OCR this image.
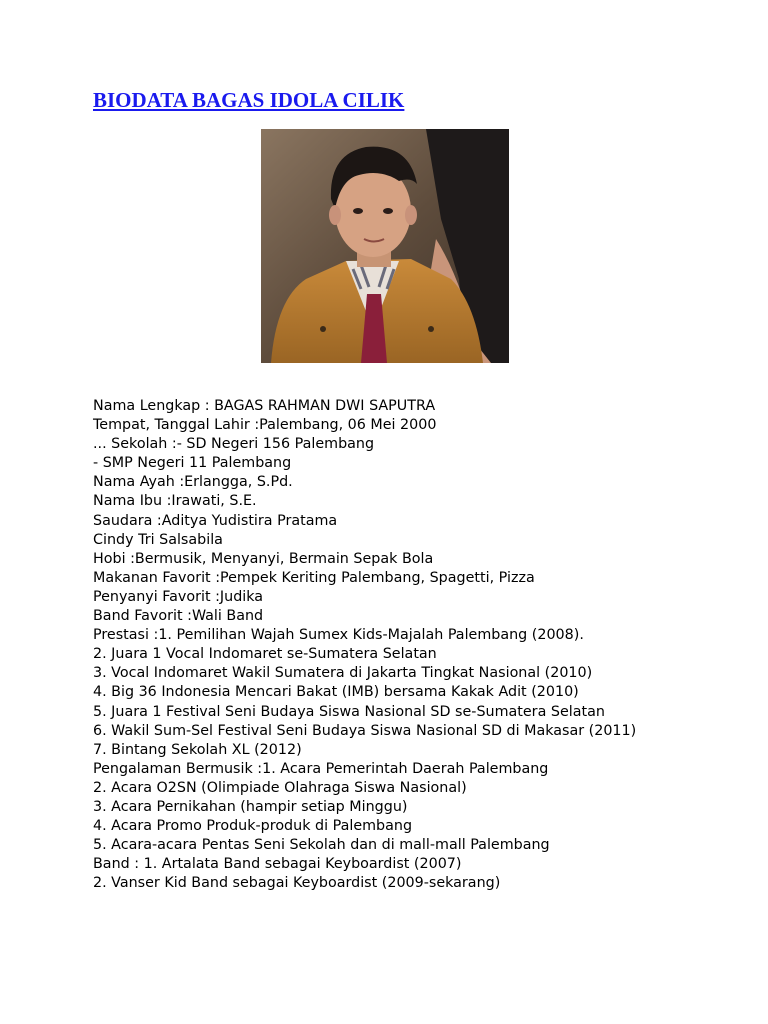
BIODATA BAGAS IDOLA CILIK
Nama Lengkap : BAGAS RAHMAN DWI SAPUTRA
Tempat, Tanggal Lahir :Palembang, 06 Mei 2000
... Sekolah :- SD Negeri 156 Palembang
- SMP Negeri 11 Palembang
Nama Ayah :Erlangga, S.Pd.
Nama Ibu :Irawati, S.E.
Saudara :Aditya Yudistira Pratama
Cindy Tri Salsabila
Hobi :Bermusik, Menyanyi, Bermain Sepak Bola
Makanan Favorit :Pempek Keriting Palembang, Spagetti, Pizza
Penyanyi Favorit :Judika
Band Favorit :Wali Band
Prestasi :1. Pemilihan Wajah Sumex Kids-Majalah Palembang (2008).
2. Juara 1 Vocal Indomaret se-Sumatera Selatan
3. Vocal Indomaret Wakil Sumatera di Jakarta Tingkat Nasional (2010)
4. Big 36 Indonesia Mencari Bakat (IMB) bersama Kakak Adit (2010)
5. Juara 1 Festival Seni Budaya Siswa Nasional SD se-Sumatera Selatan
6. Wakil Sum-Sel Festival Seni Budaya Siswa Nasional SD di Makasar (2011)
7. Bintang Sekolah XL (2012)
Pengalaman Bermusik :1. Acara Pemerintah Daerah Palembang
2. Acara O2SN (Olimpiade Olahraga Siswa Nasional)
3. Acara Pernikahan (hampir setiap Minggu)
4. Acara Promo Produk-produk di Palembang
5. Acara-acara Pentas Seni Sekolah dan di mall-mall Palembang
Band : 1. Artalata Band sebagai Keyboardist (2007)
2. Vanser Kid Band sebagai Keyboardist (2009-sekarang)
